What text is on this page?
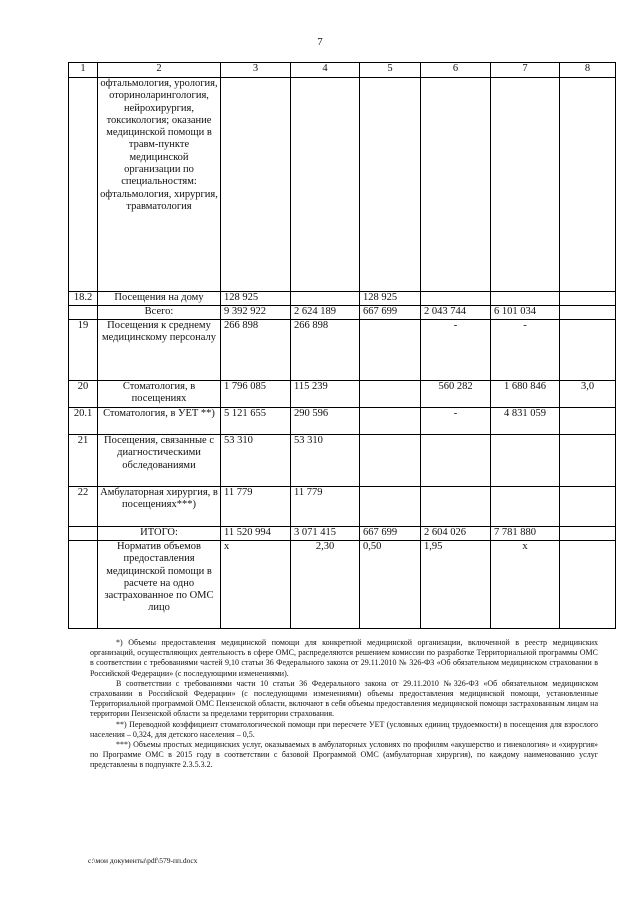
7
1	2	3	4	5	6	7	8
	офтальмология, урология, оториноларингология, нейрохирургия, токсикология; оказание медицинской помощи в травм-пункте медицинской организации по специальностям: офтальмология, хирургия, травматология						
18.2	Посещения на дому	128 925		128 925			
	Всего:	9 392 922	2 624 189	667 699	2 043 744	6 101 034	
19	Посещения к среднему медицинскому персоналу	266 898	266 898		-	-	
20	Стоматология, в посещениях	1 796 085	115 239		560 282	1 680 846	3,0
20.1	Стоматология, в УЕТ **)	5 121 655	290 596		-	4 831 059	
21	Посещения, связанные с диагностическими обследованиями	53 310	53 310				
22	Амбулаторная хирургия, в посещениях***)	11 779	11 779				
	ИТОГО:	11 520 994	3 071 415	667 699	2 604 026	7 781 880	
	Норматив объемов предоставления медицинской помощи в расчете на одно застрахованное по ОМС лицо	х	2,30	0,50	1,95	х	

*) Объемы предоставления медицинской помощи для конкретной медицинской организации, включенной в реестр медицинских организаций, осуществляющих деятельность в сфере ОМС, распределяются решением комиссии по разработке Территориальной программы ОМС в соответствии с требованиями частей 9,10 статьи 36 Федерального закона от 29.11.2010 № 326-ФЗ «Об обязательном медицинском страховании в Российской Федерации» (с последующими изменениями).

В соответствии с требованиями части 10 статьи 36 Федерального закона от 29.11.2010 №326-ФЗ «Об обязательном медицинском страховании в Российской Федерации» (с последующими изменениями) объемы предоставления медицинской помощи, установленные Территориальной программой ОМС Пензенской области, включают в себя объемы предоставления медицинской помощи застрахованным лицам на территории Пензенской области за пределами территории страхования.

**) Переводной коэффициент стоматологической помощи при пересчете УЕТ (условных единиц трудоемкости) в посещения для взрослого населения – 0,324, для детского населения – 0,5.

***) Объемы простых медицинских услуг, оказываемых в амбулаторных условиях по профилям «акушерство и гинекология» и «хирургия» по Программе ОМС в 2015 году в соответствии с базовой Программой ОМС (амбулаторная хирургия), по каждому наименованию услуг представлены в подпункте 2.3.5.3.2.

c:\мои документы\pdf\579-пп.docx
